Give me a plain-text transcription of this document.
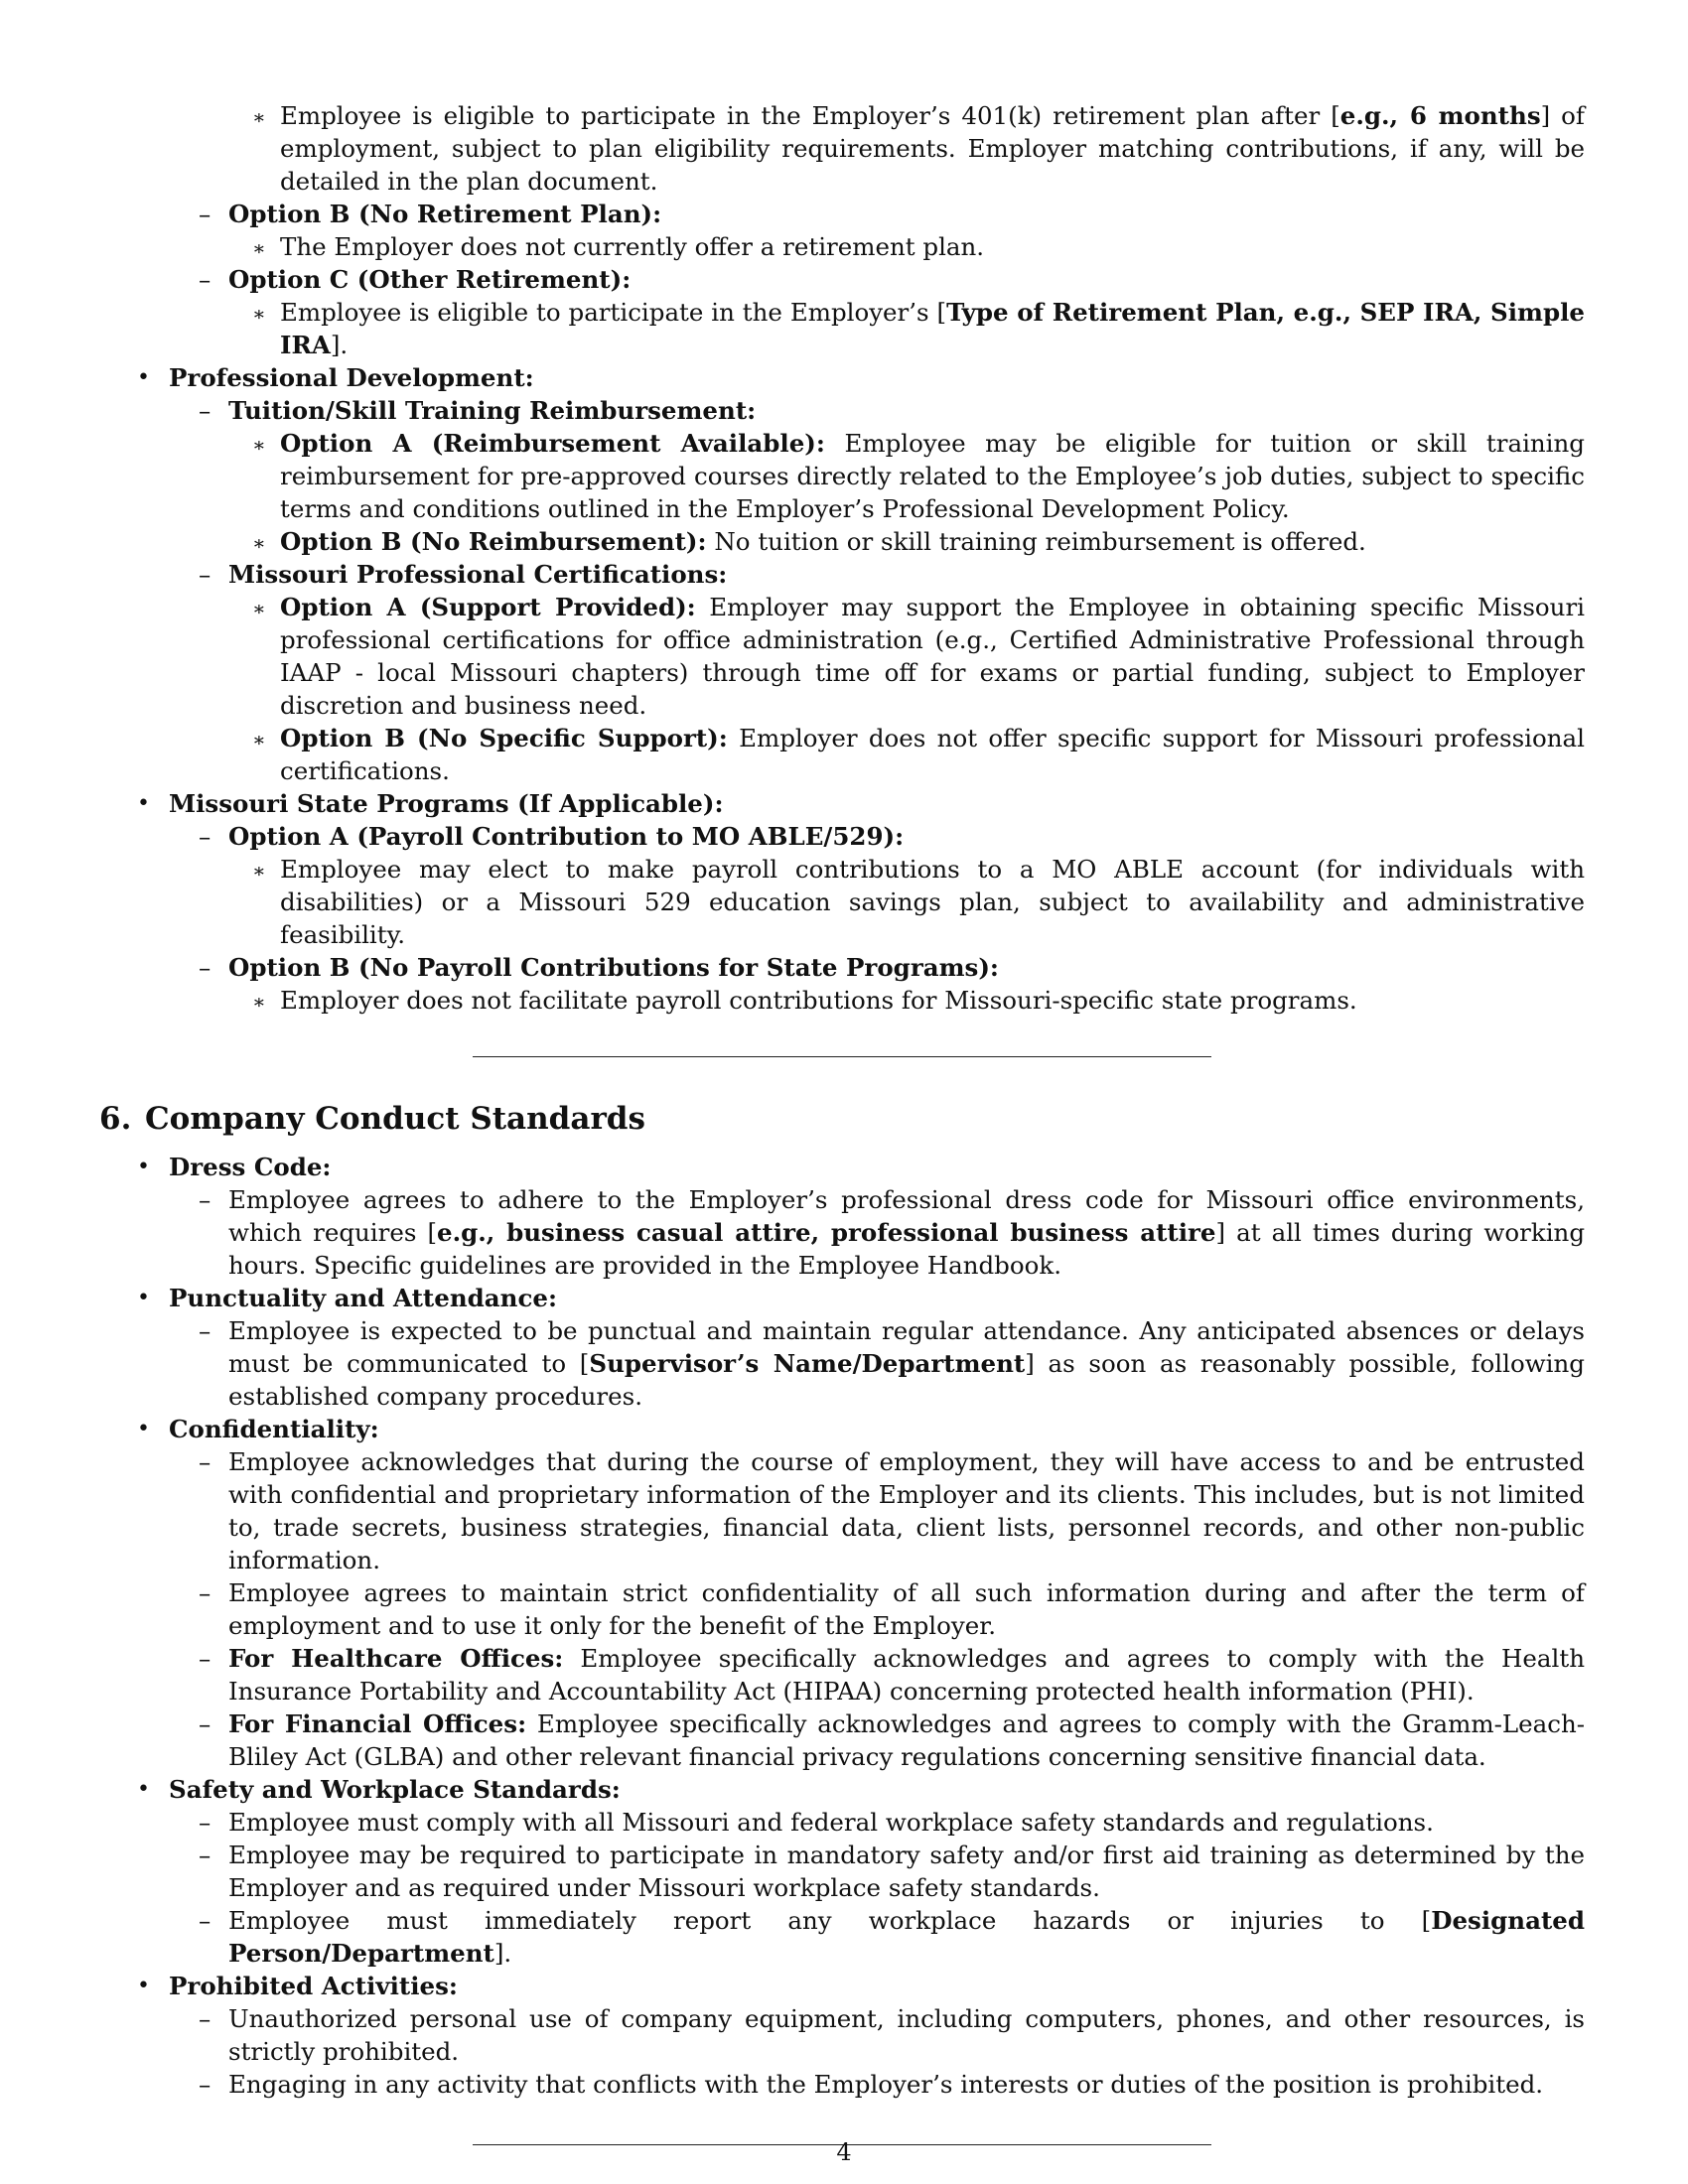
∗ Employee is eligible to participate in the Employer’s 401(k) retirement plan after [e.g., 6 months] of employment, subject to plan eligibility requirements. Employer matching contributions, if any, will be detailed in the plan document.
– Option B (No Retirement Plan):
∗ The Employer does not currently offer a retirement plan.
– Option C (Other Retirement):
∗ Employee is eligible to participate in the Employer’s [Type of Retirement Plan, e.g., SEP IRA, Simple IRA].
• Professional Development:
– Tuition/Skill Training Reimbursement:
∗ Option A (Reimbursement Available): Employee may be eligible for tuition or skill training reimbursement for pre-approved courses directly related to the Employee’s job duties, subject to specific terms and conditions outlined in the Employer’s Professional Development Policy.
∗ Option B (No Reimbursement): No tuition or skill training reimbursement is offered.
– Missouri Professional Certifications:
∗ Option A (Support Provided): Employer may support the Employee in obtaining specific Missouri professional certifications for office administration (e.g., Certified Administrative Professional through IAAP - local Missouri chapters) through time off for exams or partial funding, subject to Employer discretion and business need.
∗ Option B (No Specific Support): Employer does not offer specific support for Missouri professional certifications.
• Missouri State Programs (If Applicable):
– Option A (Payroll Contribution to MO ABLE/529):
∗ Employee may elect to make payroll contributions to a MO ABLE account (for individuals with disabilities) or a Missouri 529 education savings plan, subject to availability and administrative feasibility.
– Option B (No Payroll Contributions for State Programs):
∗ Employer does not facilitate payroll contributions for Missouri-specific state programs.
6. Company Conduct Standards
• Dress Code:
– Employee agrees to adhere to the Employer’s professional dress code for Missouri office environments, which requires [e.g., business casual attire, professional business attire] at all times during working hours. Specific guidelines are provided in the Employee Handbook.
• Punctuality and Attendance:
– Employee is expected to be punctual and maintain regular attendance. Any anticipated absences or delays must be communicated to [Supervisor’s Name/Department] as soon as reasonably possible, following established company procedures.
• Confidentiality:
– Employee acknowledges that during the course of employment, they will have access to and be entrusted with confidential and proprietary information of the Employer and its clients. This includes, but is not limited to, trade secrets, business strategies, financial data, client lists, personnel records, and other non-public information.
– Employee agrees to maintain strict confidentiality of all such information during and after the term of employment and to use it only for the benefit of the Employer.
– For Healthcare Offices: Employee specifically acknowledges and agrees to comply with the Health Insurance Portability and Accountability Act (HIPAA) concerning protected health information (PHI).
– For Financial Offices: Employee specifically acknowledges and agrees to comply with the Gramm-Leach-Bliley Act (GLBA) and other relevant financial privacy regulations concerning sensitive financial data.
• Safety and Workplace Standards:
– Employee must comply with all Missouri and federal workplace safety standards and regulations.
– Employee may be required to participate in mandatory safety and/or first aid training as determined by the Employer and as required under Missouri workplace safety standards.
– Employee must immediately report any workplace hazards or injuries to [Designated Person/Department].
• Prohibited Activities:
– Unauthorized personal use of company equipment, including computers, phones, and other resources, is strictly prohibited.
– Engaging in any activity that conflicts with the Employer’s interests or duties of the position is prohibited.
4
